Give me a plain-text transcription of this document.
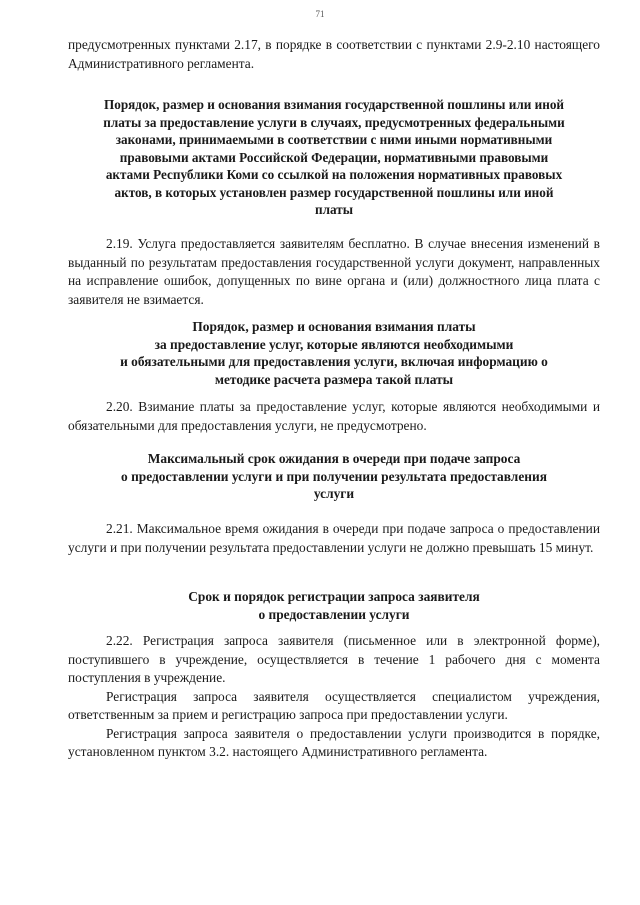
71

предусмотренных пунктами 2.17, в порядке в соответствии с пунктами 2.9-2.10 настоящего Административного регламента.

Порядок, размер и основания взимания государственной пошлины или иной
платы за предоставление услуги в случаях, предусмотренных федеральными
законами, принимаемыми в соответствии с ними иными нормативными
правовыми актами Российской Федерации, нормативными правовыми
актами Республики Коми со ссылкой на положения нормативных правовых
актов, в которых установлен размер государственной пошлины или иной
платы

2.19. Услуга предоставляется заявителям бесплатно. В случае внесения изменений в выданный по результатам предоставления государственной услуги документ, направленных на исправление ошибок, допущенных по вине органа и (или) должностного лица плата с заявителя не взимается.

Порядок, размер и основания взимания платы
за предоставление услуг, которые являются необходимыми
и обязательными для предоставления услуги, включая информацию о
методике расчета размера такой платы

2.20. Взимание платы за предоставление услуг, которые являются необходимыми и обязательными для предоставления услуги, не предусмотрено.

Максимальный срок ожидания в очереди при подаче запроса
о предоставлении услуги и при получении результата предоставления
услуги

2.21. Максимальное время ожидания в очереди при подаче запроса о предоставлении услуги и при получении результата предоставлении услуги не должно превышать 15 минут.

Срок и порядок регистрации запроса заявителя
о предоставлении услуги

2.22. Регистрация запроса заявителя (письменное или в электронной форме), поступившего в учреждение, осуществляется в течение 1 рабочего дня с момента поступления в учреждение.

Регистрация запроса заявителя осуществляется специалистом учреждения, ответственным за прием и регистрацию запроса при предоставлении услуги.

Регистрация запроса заявителя о предоставлении услуги производится в порядке, установленном пунктом 3.2. настоящего Административного регламента.
